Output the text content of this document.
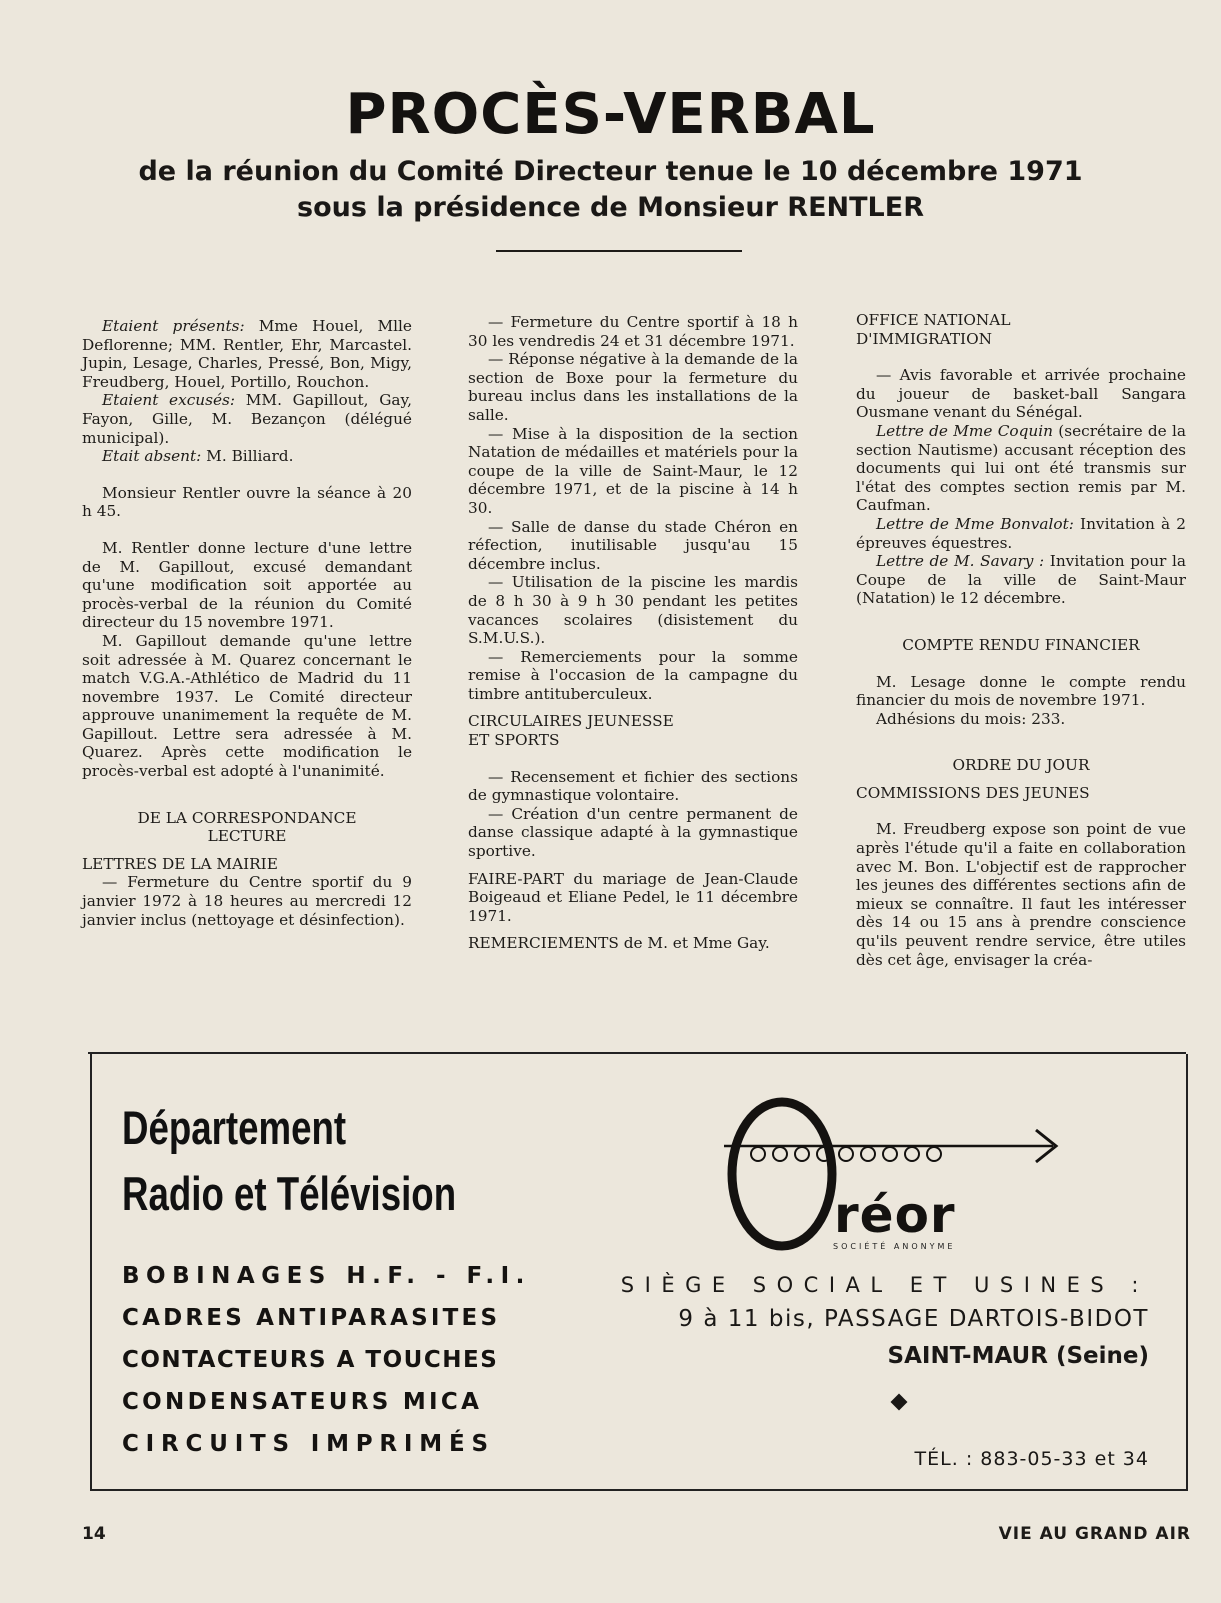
PROCÈS-VERBAL
de la réunion du Comité Directeur tenue le 10 décembre 1971
sous la présidence de Monsieur RENTLER

Etaient présents: Mme Houel, Mlle Deflorenne; MM. Rentler, Ehr, Marcastel. Jupin, Lesage, Charles, Pressé, Bon, Migy, Freudberg, Houel, Portillo, Rouchon.

Etaient excusés: MM. Gapillout, Gay, Fayon, Gille, M. Bezançon (délégué municipal).

Etait absent: M. Billiard.

Monsieur Rentler ouvre la séance à 20 h 45.

M. Rentler donne lecture d'une lettre de M. Gapillout, excusé demandant qu'une modification soit apportée au procès-verbal de la réunion du Comité directeur du 15 novembre 1971.

M. Gapillout demande qu'une lettre soit adressée à M. Quarez concernant le match V.G.A.-Athlético de Madrid du 11 novembre 1937. Le Comité directeur approuve unanimement la requête de M. Gapillout. Lettre sera adressée à M. Quarez. Après cette modification le procès-verbal est adopté à l'unanimité.

DE LA CORRESPONDANCE

LECTURE

LETTRES DE LA MAIRIE

— Fermeture du Centre sportif du 9 janvier 1972 à 18 heures au mercredi 12 janvier inclus (nettoyage et désinfection).

— Fermeture du Centre sportif à 18 h 30 les vendredis 24 et 31 décembre 1971.

— Réponse négative à la demande de la section de Boxe pour la fermeture du bureau inclus dans les installations de la salle.

— Mise à la disposition de la section Natation de médailles et matériels pour la coupe de la ville de Saint-Maur, le 12 décembre 1971, et de la piscine à 14 h 30.

— Salle de danse du stade Chéron en réfection, inutilisable jusqu'au 15 décembre inclus.

— Utilisation de la piscine les mardis de 8 h 30 à 9 h 30 pendant les petites vacances scolaires (disistement du S.M.U.S.).

— Remerciements pour la somme remise à l'occasion de la campagne du timbre antituberculeux.

CIRCULAIRES JEUNESSE

ET SPORTS

— Recensement et fichier des sections de gymnastique volontaire.

— Création d'un centre permanent de danse classique adapté à la gymnastique sportive.

FAIRE-PART du mariage de Jean-Claude Boigeaud et Eliane Pedel, le 11 décembre 1971.

REMERCIEMENTS de M. et Mme Gay.

OFFICE NATIONAL

D'IMMIGRATION

— Avis favorable et arrivée prochaine du joueur de basket-ball Sangara Ousmane venant du Sénégal.

Lettre de Mme Coquin (secrétaire de la section Nautisme) accusant réception des documents qui lui ont été transmis sur l'état des comptes section remis par M. Caufman.

Lettre de Mme Bonvalot: Invitation à 2 épreuves équestres.

Lettre de M. Savary : Invitation pour la Coupe de la ville de Saint-Maur (Natation) le 12 décembre.

COMPTE RENDU FINANCIER

M. Lesage donne le compte rendu financier du mois de novembre 1971.

Adhésions du mois: 233.

ORDRE DU JOUR

COMMISSIONS DES JEUNES

M. Freudberg expose son point de vue après l'étude qu'il a faite en collaboration avec M. Bon. L'objectif est de rapprocher les jeunes des différentes sections afin de mieux se connaître. Il faut les intéresser dès 14 ou 15 ans à prendre conscience qu'ils peuvent rendre service, être utiles dès cet âge, envisager la créa-

Département
Radio et Télévision
BOBINAGES H.F. - F.I.
CADRES ANTIPARASITES
CONTACTEURS A TOUCHES
CONDENSATEURS MICA
CIRCUITS IMPRIMÉS
réor
SOCIÉTÉ ANONYME
SIÈGE SOCIAL ET USINES :
9 à 11 bis, PASSAGE DARTOIS-BIDOT
SAINT-MAUR (Seine)
TÉL. : 883-05-33 et 34
14	VIE AU GRAND AIR
